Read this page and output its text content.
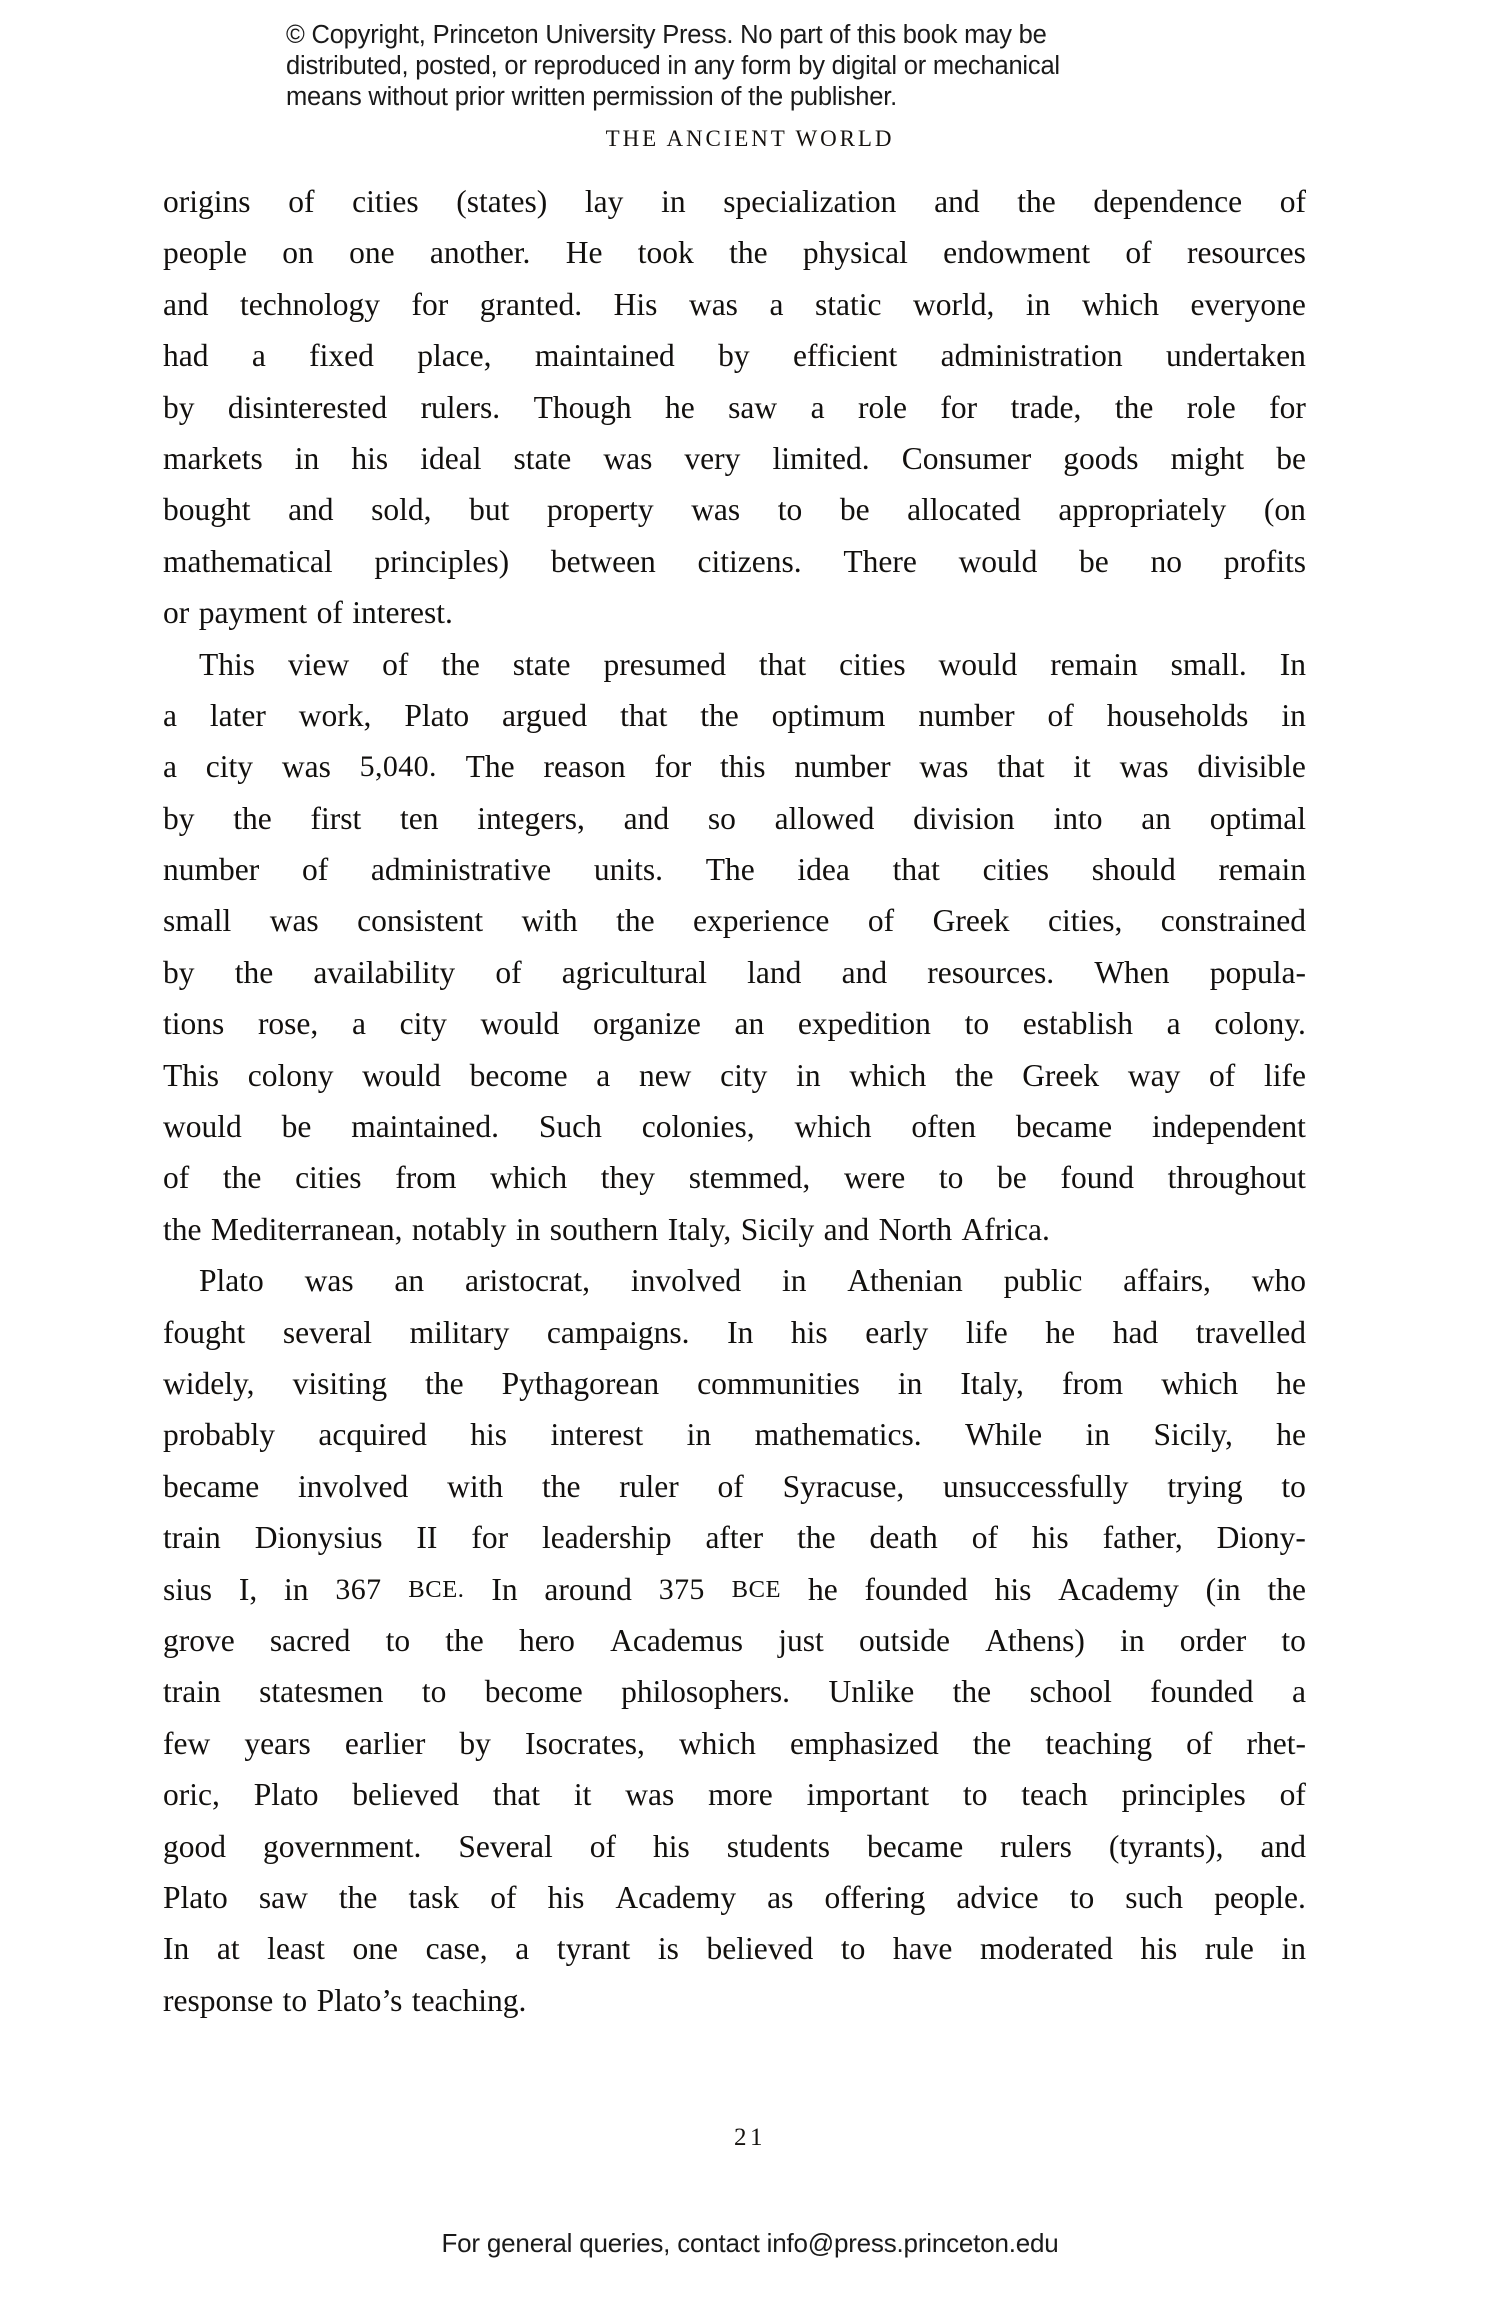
© Copyright, Princeton University Press. No part of this book may be
distributed, posted, or reproduced in any form by digital or mechanical
means without prior written permission of the publisher.
THE ANCIENT WORLD

origins of cities (states) lay in specialization and the dependence of
people on one another. He took the physical endowment of resources
and technology for granted. His was a static world, in which everyone
had a fixed place, maintained by efficient administration undertaken
by disinterested rulers. Though he saw a role for trade, the role for
markets in his ideal state was very limited. Consumer goods might be
bought and sold, but property was to be allocated appropriately (on
mathematical principles) between citizens. There would be no profits
or payment of interest.

This view of the state presumed that cities would remain small. In
a later work, Plato argued that the optimum number of households in
a city was 5,040. The reason for this number was that it was divisible
by the first ten integers, and so allowed division into an optimal
number of administrative units. The idea that cities should remain
small was consistent with the experience of Greek cities, constrained
by the availability of agricultural land and resources. When popula-
tions rose, a city would organize an expedition to establish a colony.
This colony would become a new city in which the Greek way of life
would be maintained. Such colonies, which often became independent
of the cities from which they stemmed, were to be found throughout
the Mediterranean, notably in southern Italy, Sicily and North Africa.

Plato was an aristocrat, involved in Athenian public affairs, who
fought several military campaigns. In his early life he had travelled
widely, visiting the Pythagorean communities in Italy, from which he
probably acquired his interest in mathematics. While in Sicily, he
became involved with the ruler of Syracuse, unsuccessfully trying to
train Dionysius II for leadership after the death of his father, Diony-
sius I, in 367 BCE. In around 375 BCE he founded his Academy (in the
grove sacred to the hero Academus just outside Athens) in order to
train statesmen to become philosophers. Unlike the school founded a
few years earlier by Isocrates, which emphasized the teaching of rhet-
oric, Plato believed that it was more important to teach principles of
good government. Several of his students became rulers (tyrants), and
Plato saw the task of his Academy as offering advice to such people.
In at least one case, a tyrant is believed to have moderated his rule in
response to Plato’s teaching.

21
For general queries, contact info@press.princeton.edu
